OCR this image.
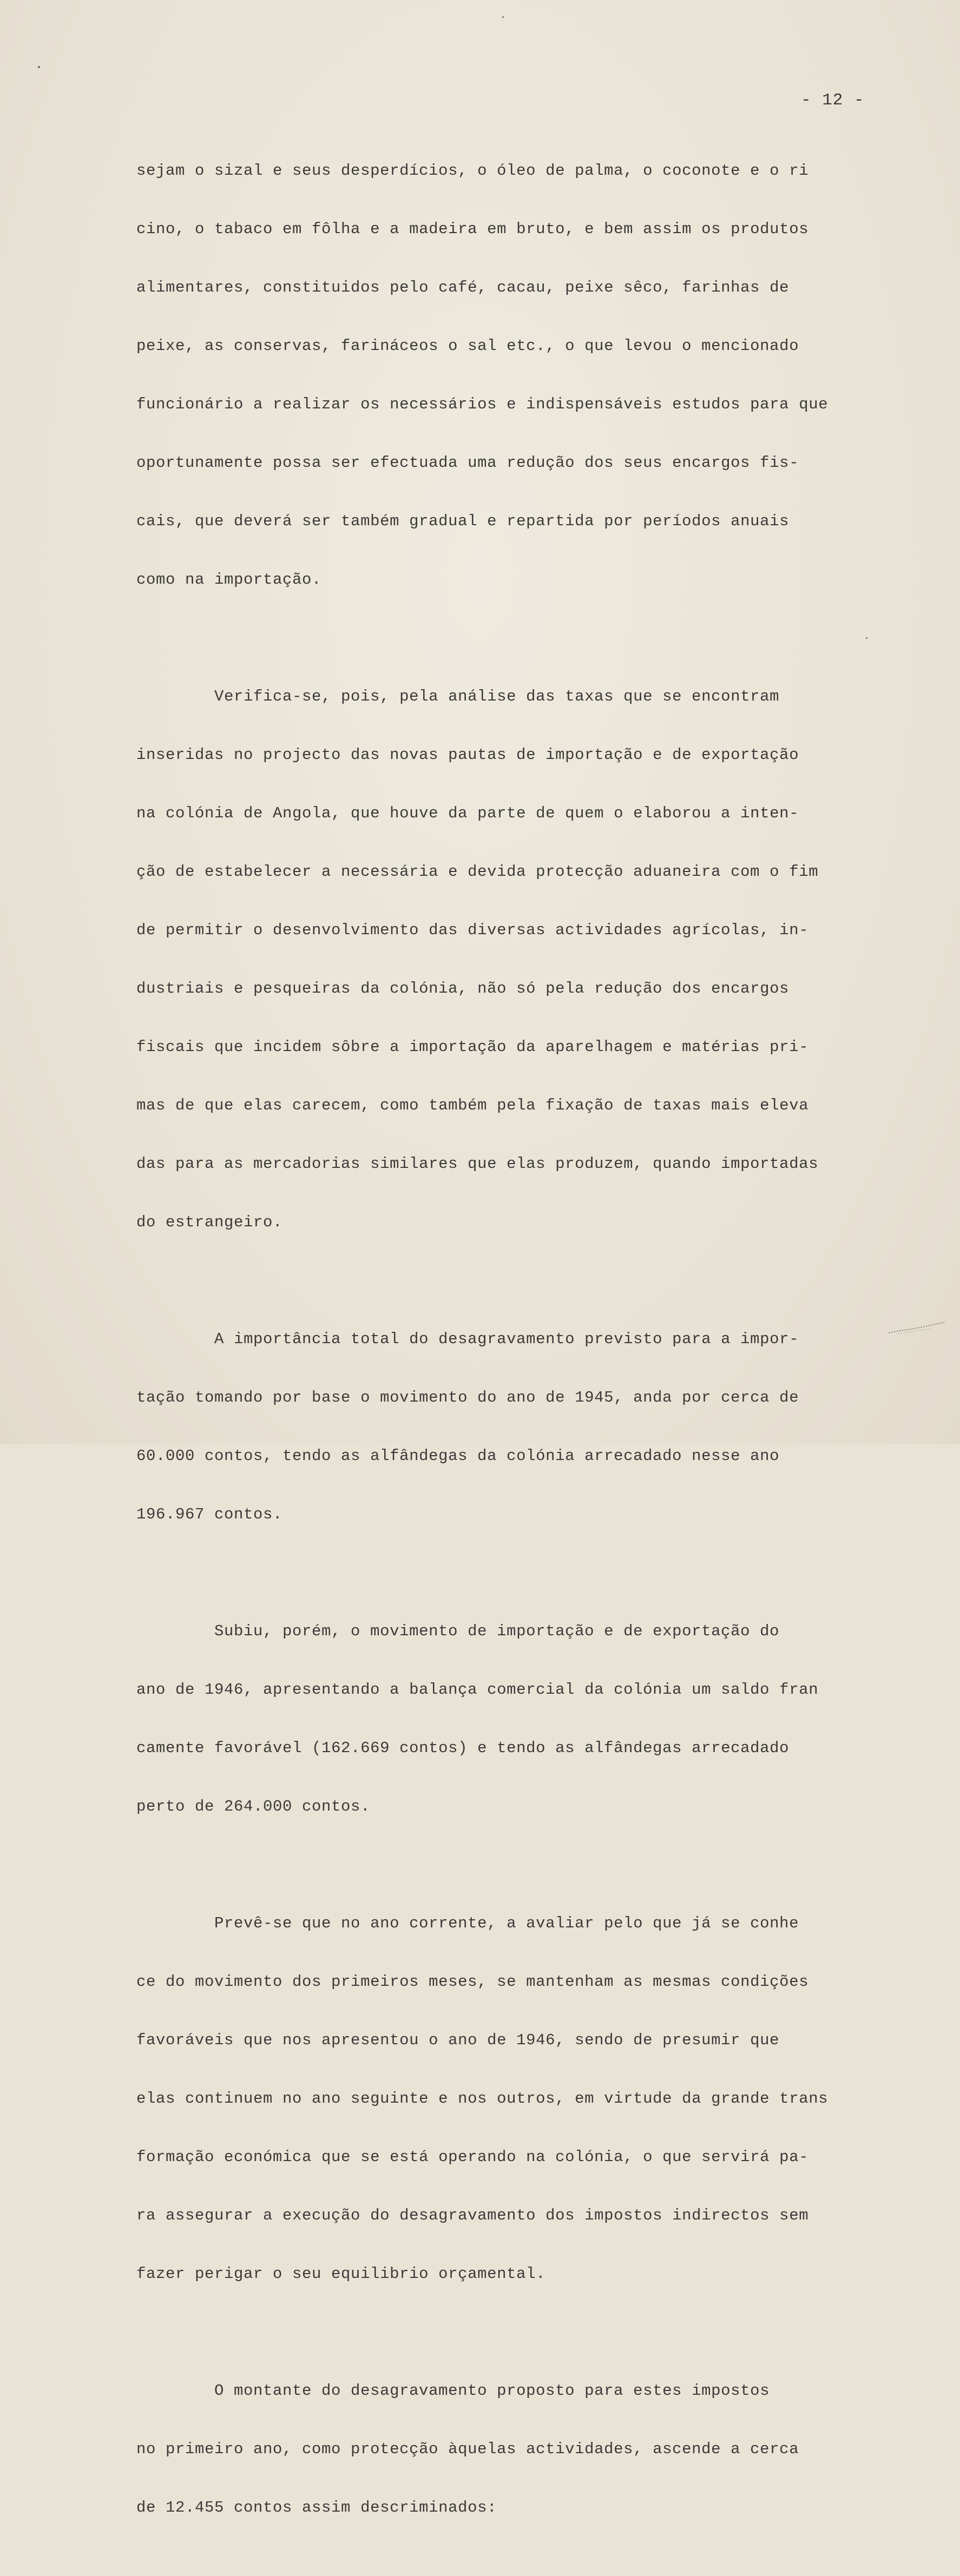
- 12 -

sejam o sizal e seus desperdícios, o óleo de palma, o coconote e o ri

cino, o tabaco em fôlha e a madeira em bruto, e bem assim os produtos

alimentares, constituidos pelo café, cacau, peixe sêco, farinhas de

peixe, as conservas, farináceos o sal etc., o que levou o mencionado

funcionário a realizar os necessários e indispensáveis estudos para que

oportunamente possa ser efectuada uma redução dos seus encargos fis-

cais, que deverá ser também gradual e repartida por períodos anuais

como na importação.

Verifica-se, pois, pela análise das taxas que se encontram

inseridas no projecto das novas pautas de importação e de exportação

na colónia de Angola, que houve da parte de quem o elaborou a inten-

ção de estabelecer a necessária e devida protecção aduaneira com o fim

de permitir o desenvolvimento das diversas actividades agrícolas, in-

dustriais e pesqueiras da colónia, não só pela redução dos encargos

fiscais que incidem sôbre a importação da aparelhagem e matérias pri-

mas de que elas carecem, como também pela fixação de taxas mais eleva

das para as mercadorias similares que elas produzem, quando importadas

do estrangeiro.

A importância total do desagravamento previsto para a impor-

tação tomando por base o movimento do ano de 1945, anda por cerca de

60.000 contos, tendo as alfândegas da colónia arrecadado nesse ano

196.967 contos.

Subiu, porém, o movimento de importação e de exportação do

ano de 1946, apresentando a balança comercial da colónia um saldo fran

camente favorável (162.669 contos) e tendo as alfândegas arrecadado

perto de 264.000 contos.

Prevê-se que no ano corrente, a avaliar pelo que já se conhe

ce do movimento dos primeiros meses, se mantenham as mesmas condições

favoráveis que nos apresentou o ano de 1946, sendo de presumir que

elas continuem no ano seguinte e nos outros, em virtude da grande trans

formação económica que se está operando na colónia, o que servirá pa-

ra assegurar a execução do desagravamento dos impostos indirectos sem

fazer perigar o seu equilibrio orçamental.

O montante do desagravamento proposto para estes impostos

no primeiro ano, como protecção àquelas actividades, ascende a cerca

de 12.455 contos assim descriminados:
